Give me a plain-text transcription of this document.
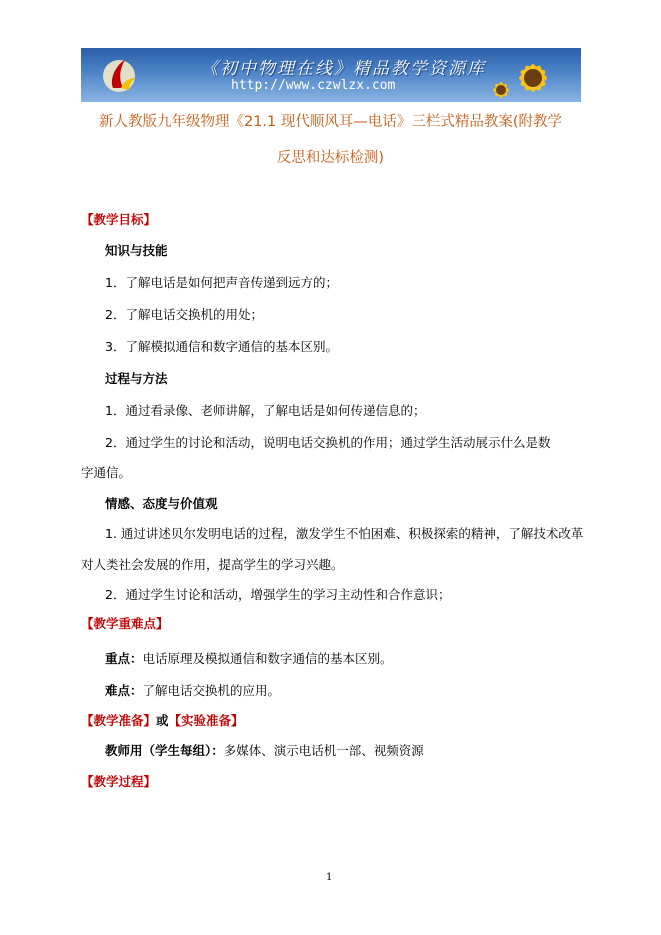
《初中物理在线》精品教学资源库
http://www.czwlzx.com
新人教版九年级物理《21.1 现代顺风耳—电话》三栏式精品教案(附教学
反思和达标检测)
【教学目标】
知识与技能
1．了解电话是如何把声音传递到远方的；
2．了解电话交换机的用处；
3．了解模拟通信和数字通信的基本区别。
过程与方法
1．通过看录像、老师讲解，了解电话是如何传递信息的；
2．通过学生的讨论和活动，说明电话交换机的作用；通过学生活动展示什么是数
字通信。
情感、态度与价值观
1. 通过讲述贝尔发明电话的过程，激发学生不怕困难、积极探索的精神，了解技术改革
对人类社会发展的作用，提高学生的学习兴趣。
2．通过学生讨论和活动，增强学生的学习主动性和合作意识；
【教学重难点】
重点：电话原理及模拟通信和数字通信的基本区别。
难点：了解电话交换机的应用。
【教学准备】或【实验准备】
教师用（学生每组）：多媒体、演示电话机一部、视频资源
【教学过程】
1
